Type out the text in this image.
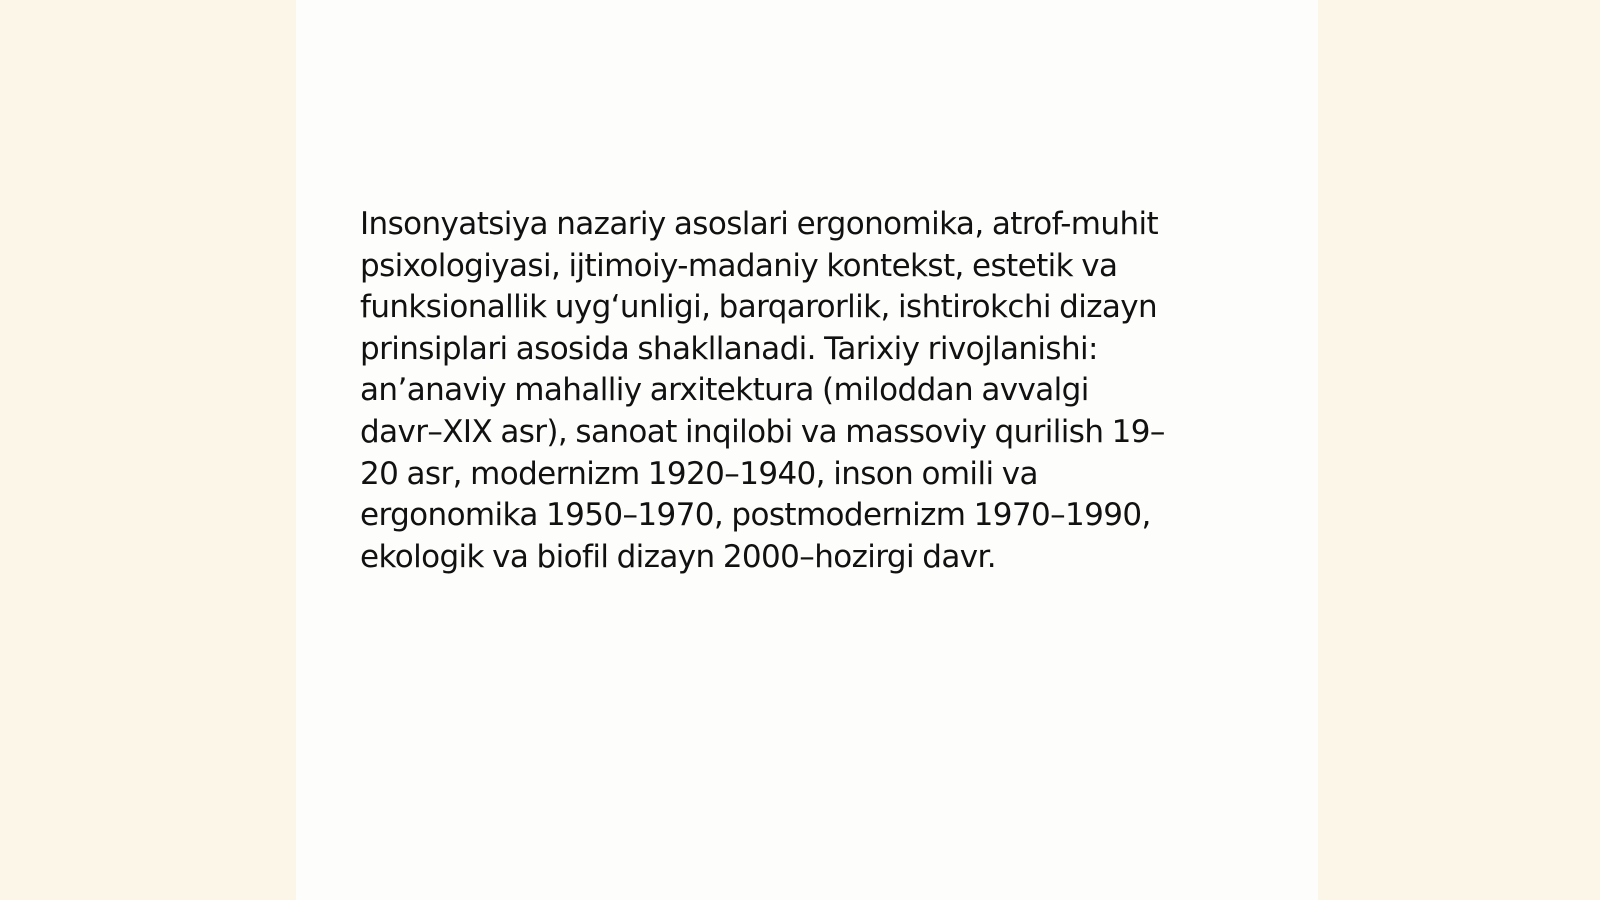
Insonyatsiya nazariy asoslari ergonomika, atrof-muhit
psixologiyasi, ijtimoiy-madaniy kontekst, estetik va
funksionallik uyg‘unligi, barqarorlik, ishtirokchi dizayn
prinsiplari asosida shakllanadi. Tarixiy rivojlanishi:
an’anaviy mahalliy arxitektura (miloddan avvalgi
davr–XIX asr), sanoat inqilobi va massoviy qurilish 19–
20 asr, modernizm 1920–1940, inson omili va
ergonomika 1950–1970, postmodernizm 1970–1990,
ekologik va biofil dizayn 2000–hozirgi davr.
